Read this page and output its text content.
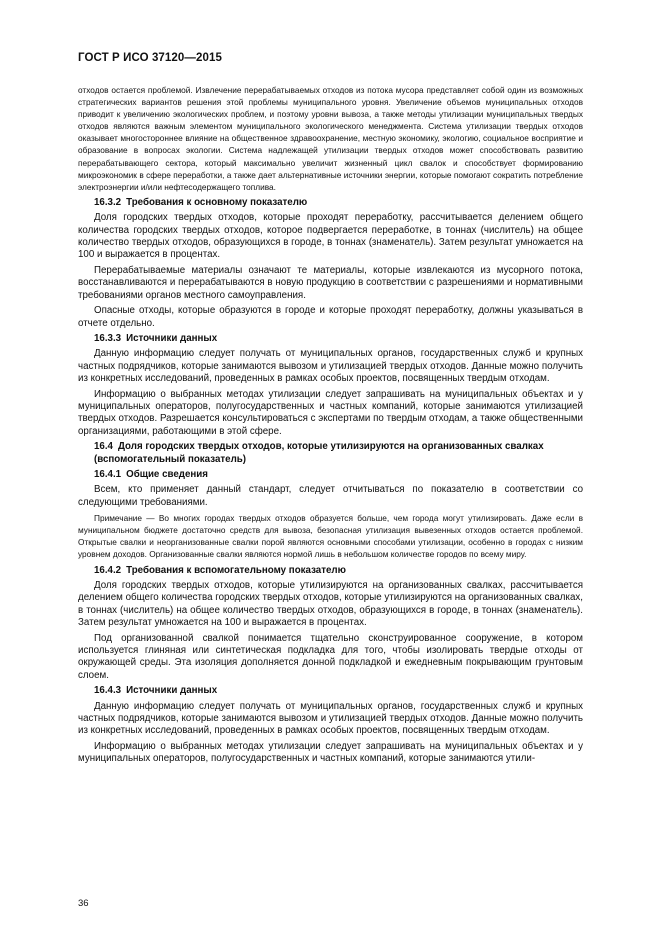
ГОСТ Р ИСО 37120—2015

отходов остается проблемой. Извлечение перерабатываемых отходов из потока мусора представляет собой один из возможных стратегических вариантов решения этой проблемы муниципального уровня. Увеличение объемов муниципальных отходов приводит к увеличению экологических проблем, и поэтому уровни вывоза, а также методы утилизации муниципальных твердых отходов являются важным элементом муниципального экологического менеджмента. Система утилизации твердых отходов оказывает многостороннее влияние на общественное здравоохранение, местную экономику, экологию, социальное восприятие и образование в вопросах экологии. Система надлежащей утилизации твердых отходов может способствовать развитию перерабатывающего сектора, который максимально увеличит жизненный цикл свалок и способствует формированию микроэкономик в сфере переработки, а также дает альтернативные источники энергии, которые помогают сократить потребление электроэнергии и/или нефтесодержащего топлива.

16.3.2 Требования к основному показателю

Доля городских твердых отходов, которые проходят переработку, рассчитывается делением общего количества городских твердых отходов, которое подвергается переработке, в тоннах (числитель) на общее количество твердых отходов, образующихся в городе, в тоннах (знаменатель). Затем результат умножается на 100 и выражается в процентах.

Перерабатываемые материалы означают те материалы, которые извлекаются из мусорного потока, восстанавливаются и перерабатываются в новую продукцию в соответствии с разрешениями и нормативными требованиями органов местного самоуправления.

Опасные отходы, которые образуются в городе и которые проходят переработку, должны указываться в отчете отдельно.

16.3.3 Источники данных

Данную информацию следует получать от муниципальных органов, государственных служб и крупных частных подрядчиков, которые занимаются вывозом и утилизацией твердых отходов. Данные можно получить из конкретных исследований, проведенных в рамках особых проектов, посвященных твердым отходам.

Информацию о выбранных методах утилизации следует запрашивать на муниципальных объектах и у муниципальных операторов, полугосударственных и частных компаний, которые занимаются утилизацией твердых отходов. Разрешается консультироваться с экспертами по твердым отходам, а также общественными организациями, работающими в этой сфере.

16.4 Доля городских твердых отходов, которые утилизируются на организованных свалках
(вспомогательный показатель)
16.4.1 Общие сведения

Всем, кто применяет данный стандарт, следует отчитываться по показателю в соответствии со следующими требованиями.

Примечание — Во многих городах твердых отходов образуется больше, чем города могут утилизировать. Даже если в муниципальном бюджете достаточно средств для вывоза, безопасная утилизация вывезенных отходов остается проблемой. Открытые свалки и неорганизованные свалки порой являются основными способами утилизации, особенно в городах с низким уровнем доходов. Организованные свалки являются нормой лишь в небольшом количестве городов по всему миру.

16.4.2 Требования к вспомогательному показателю

Доля городских твердых отходов, которые утилизируются на организованных свалках, рассчитывается делением общего количества городских твердых отходов, которые утилизируются на организованных свалках, в тоннах (числитель) на общее количество твердых отходов, образующихся в городе, в тоннах (знаменатель). Затем результат умножается на 100 и выражается в процентах.

Под организованной свалкой понимается тщательно сконструированное сооружение, в котором используется глиняная или синтетическая подкладка для того, чтобы изолировать твердые отходы от окружающей среды. Эта изоляция дополняется донной подкладкой и ежедневным покрывающим грунтовым слоем.

16.4.3 Источники данных

Данную информацию следует получать от муниципальных органов, государственных служб и крупных частных подрядчиков, которые занимаются вывозом и утилизацией твердых отходов. Данные можно получить из конкретных исследований, проведенных в рамках особых проектов, посвященных твердым отходам.

Информацию о выбранных методах утилизации следует запрашивать на муниципальных объектах и у муниципальных операторов, полугосударственных и частных компаний, которые занимаются утили-

36
